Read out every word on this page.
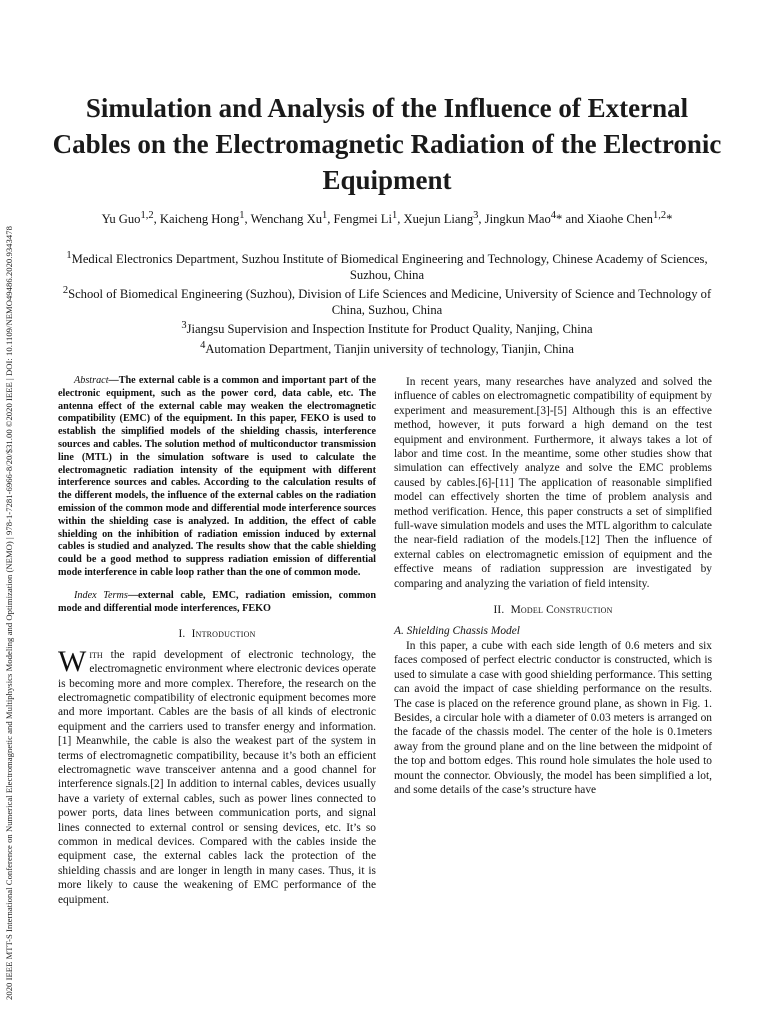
2020 IEEE MTT-S International Conference on Numerical Electromagnetic and Multiphysics Modeling and Optimization (NEMO) | 978-1-7281-6966-8/20/$31.00 ©2020 IEEE | DOI: 10.1109/NEMO49486.2020.9343478
Simulation and Analysis of the Influence of External Cables on the Electromagnetic Radiation of the Electronic Equipment
Yu Guo$^{1,2}$, Kaicheng Hong$^1$, Wenchang Xu$^1$, Fengmei Li$^1$, Xuejun Liang$^3$, Jingkun Mao$^4$* and Xiaohe Chen$^{1,2}$*
$^1$Medical Electronics Department, Suzhou Institute of Biomedical Engineering and Technology, Chinese Academy of Sciences, Suzhou, China
$^2$School of Biomedical Engineering (Suzhou), Division of Life Sciences and Medicine, University of Science and Technology of China, Suzhou, China
$^3$Jiangsu Supervision and Inspection Institute for Product Quality, Nanjing, China
$^4$Automation Department, Tianjin university of technology, Tianjin, China

Abstract—The external cable is a common and important part of the electronic equipment, such as the power cord, data cable, etc. The antenna effect of the external cable may weaken the electromagnetic compatibility (EMC) of the equipment. In this paper, FEKO is used to establish the simplified models of the shielding chassis, interference sources and cables. The solution method of multiconductor transmission line (MTL) in the simulation software is used to calculate the electromagnetic radiation intensity of the equipment with different interference sources and cables. According to the calculation results of the different models, the influence of the external cables on the radiation emission of the common mode and differential mode interference sources within the shielding case is analyzed. In addition, the effect of cable shielding on the inhibition of radiation emission induced by external cables is studied and analyzed. The results show that the cable shielding could be a good method to suppress radiation emission of differential mode interference in cable loop rather than the one of common mode.

Index Terms—external cable, EMC, radiation emission, common mode and differential mode interferences, FEKO

I. Introduction

With the rapid development of electronic technology, the electromagnetic environment where electronic devices operate is becoming more and more complex. Therefore, the research on the electromagnetic compatibility of electronic equipment becomes more and more important. Cables are the basis of all kinds of electronic equipment and the carriers used to transfer energy and information.[1] Meanwhile, the cable is also the weakest part of the system in terms of electromagnetic compatibility, because it’s both an efficient electromagnetic wave transceiver antenna and a good channel for interference signals.[2] In addition to internal cables, devices usually have a variety of external cables, such as power lines connected to power ports, data lines between communication ports, and signal lines connected to external control or sensing devices, etc. It’s so common in medical devices. Compared with the cables inside the equipment case, the external cables lack the protection of the shielding chassis and are longer in length in many cases. Thus, it is more likely to cause the weakening of EMC performance of the equipment.

In recent years, many researches have analyzed and solved the influence of cables on electromagnetic compatibility of equipment by experiment and measurement.[3]-[5] Although this is an effective method, however, it puts forward a high demand on the test equipment and environment. Furthermore, it always takes a lot of labor and time cost. In the meantime, some other studies show that simulation can effectively analyze and solve the EMC problems caused by cables.[6]-[11] The application of reasonable simplified model can effectively shorten the time of problem analysis and method verification. Hence, this paper constructs a set of simplified full-wave simulation models and uses the MTL algorithm to calculate the near-field radiation of the models.[12] Then the influence of external cables on electromagnetic emission of equipment and the effective means of radiation suppression are investigated by comparing and analyzing the variation of field intensity.

II. Model Construction
A. Shielding Chassis Model

In this paper, a cube with each side length of 0.6 meters and six faces composed of perfect electric conductor is constructed, which is used to simulate a case with good shielding performance. This setting can avoid the impact of case shielding performance on the results. The case is placed on the reference ground plane, as shown in Fig. 1. Besides, a circular hole with a diameter of 0.03 meters is arranged on the facade of the chassis model. The center of the hole is 0.1meters away from the ground plane and on the line between the midpoint of the top and bottom edges. This round hole simulates the hole used to mount the connector. Obviously, the model has been simplified a lot, and some details of the case’s structure have
